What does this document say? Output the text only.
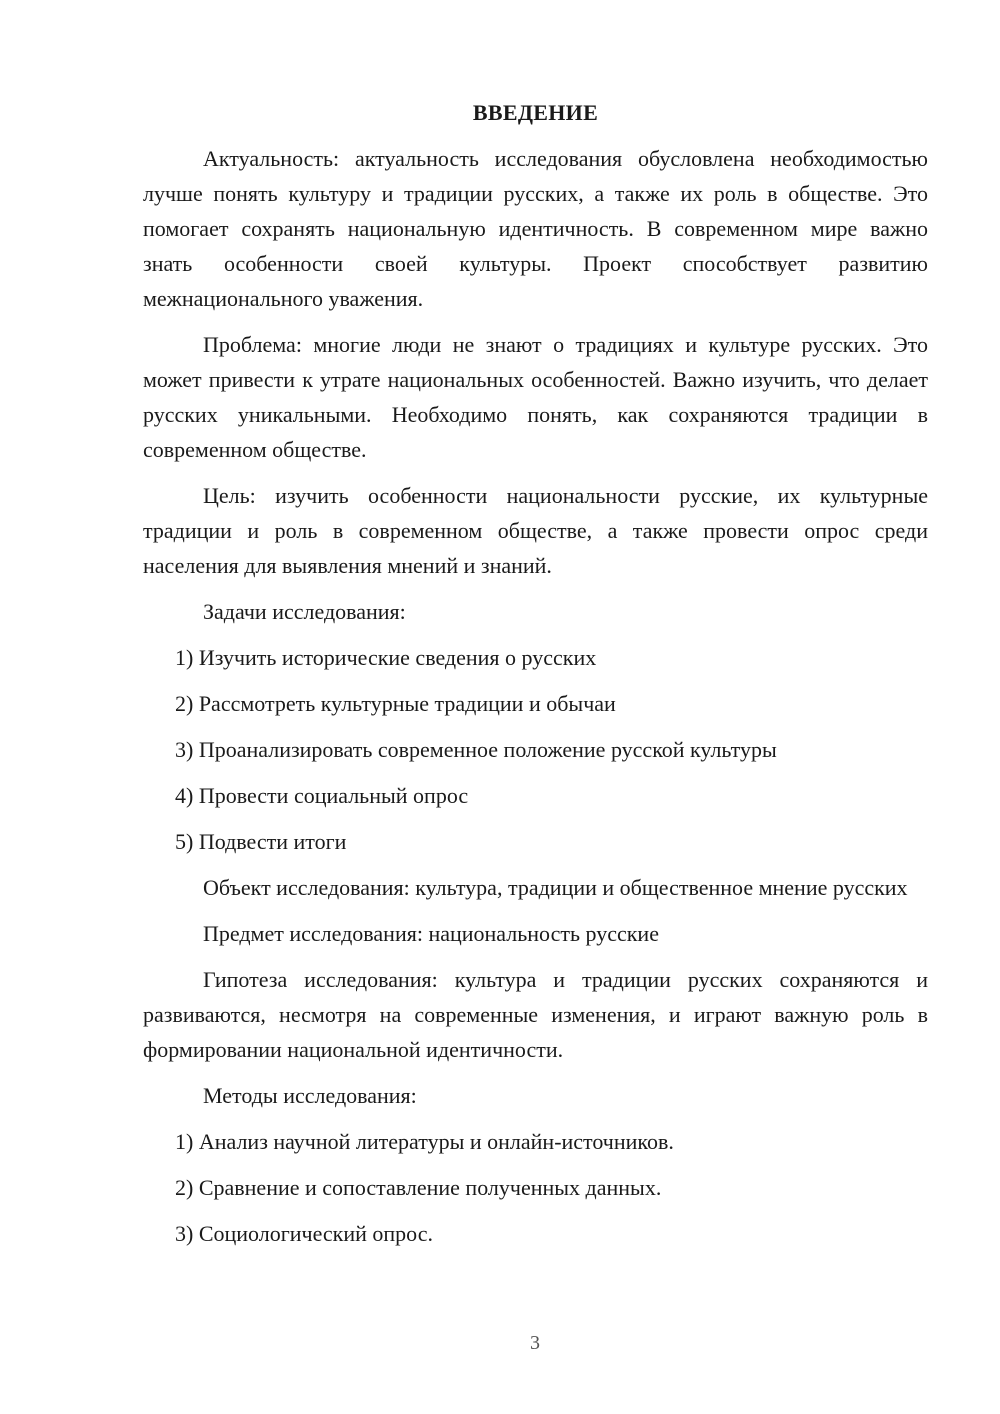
ВВЕДЕНИЕ

Актуальность: актуальность исследования обусловлена необходимостью лучше понять культуру и традиции русских, а также их роль в обществе. Это помогает сохранять национальную идентичность. В современном мире важно знать особенности своей культуры. Проект способствует развитию межнационального уважения.

Проблема: многие люди не знают о традициях и культуре русских. Это может привести к утрате национальных особенностей. Важно изучить, что делает русских уникальными. Необходимо понять, как сохраняются традиции в современном обществе.

Цель: изучить особенности национальности русские, их культурные традиции и роль в современном обществе, а также провести опрос среди населения для выявления мнений и знаний.

Задачи исследования:

1) Изучить исторические сведения о русских
2) Рассмотреть культурные традиции и обычаи
3) Проанализировать современное положение русской культуры
4) Провести социальный опрос
5) Подвести итоги

Объект исследования: культура, традиции и общественное мнение русских

Предмет исследования: национальность русские

Гипотеза исследования: культура и традиции русских сохраняются и развиваются, несмотря на современные изменения, и играют важную роль в формировании национальной идентичности.

Методы исследования:

1) Анализ научной литературы и онлайн-источников.
2) Сравнение и сопоставление полученных данных.
3) Социологический опрос.
3
